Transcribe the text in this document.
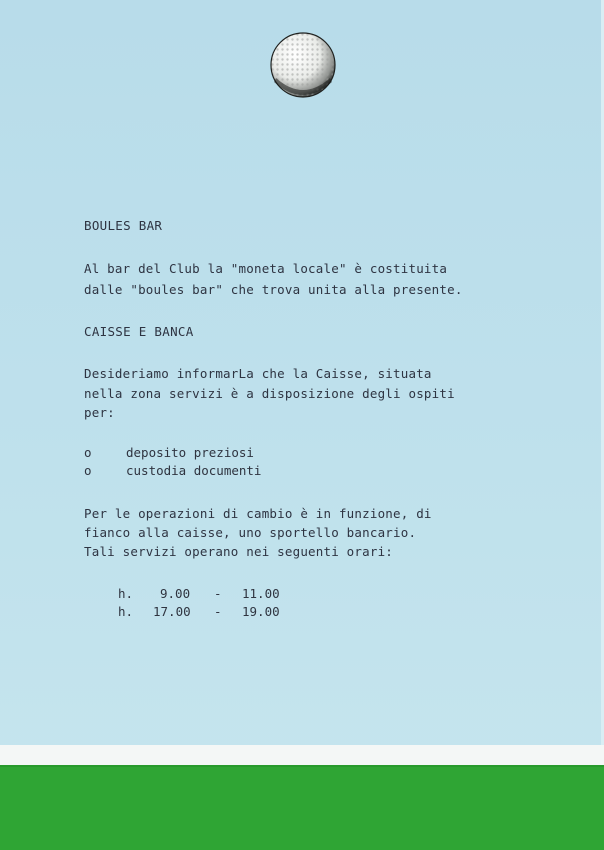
BOULES BAR
Al bar del Club la "moneta locale" è costituita
dalle "boules bar" che trova unita alla presente.
CAISSE E BANCA
Desideriamo informarLa che la Caisse, situata
nella zona servizi è a disposizione degli ospiti
per:
o	deposito preziosi
o	custodia documenti
Per le operazioni di cambio è in funzione, di
fianco alla caisse, uno sportello bancario.
Tali servizi operano nei seguenti orari:
h. 9.00 - 11.00
h. 17.00 - 19.00
